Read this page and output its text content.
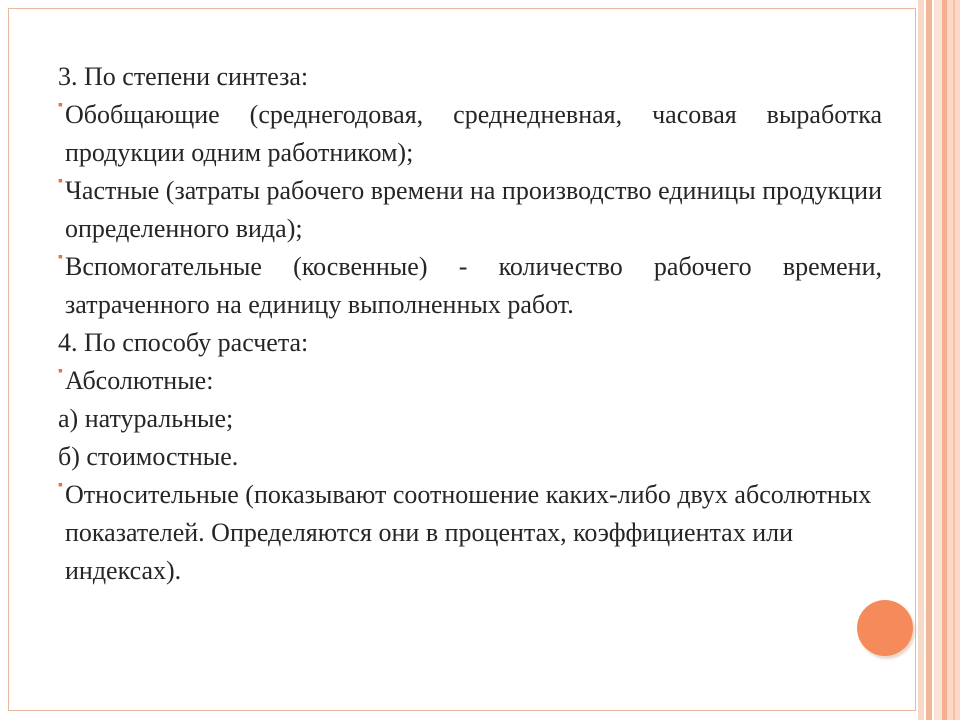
3. По степени синтеза:

▪ Обобщающие (среднегодовая, среднедневная, часовая выработка продукции одним работником);
▪ Частные (затраты рабочего времени на производство единицы продукции определенного вида);
▪ Вспомогательные (косвенные) - количество рабочего времени, затраченного на единицу выполненных работ.

4. По способу расчета:

▪ Абсолютные:

а) натуральные;

б) стоимостные.

▪ Относительные (показывают соотношение каких-либо двух абсолютных показателей. Определяются они в процентах, коэффициентах или индексах).
